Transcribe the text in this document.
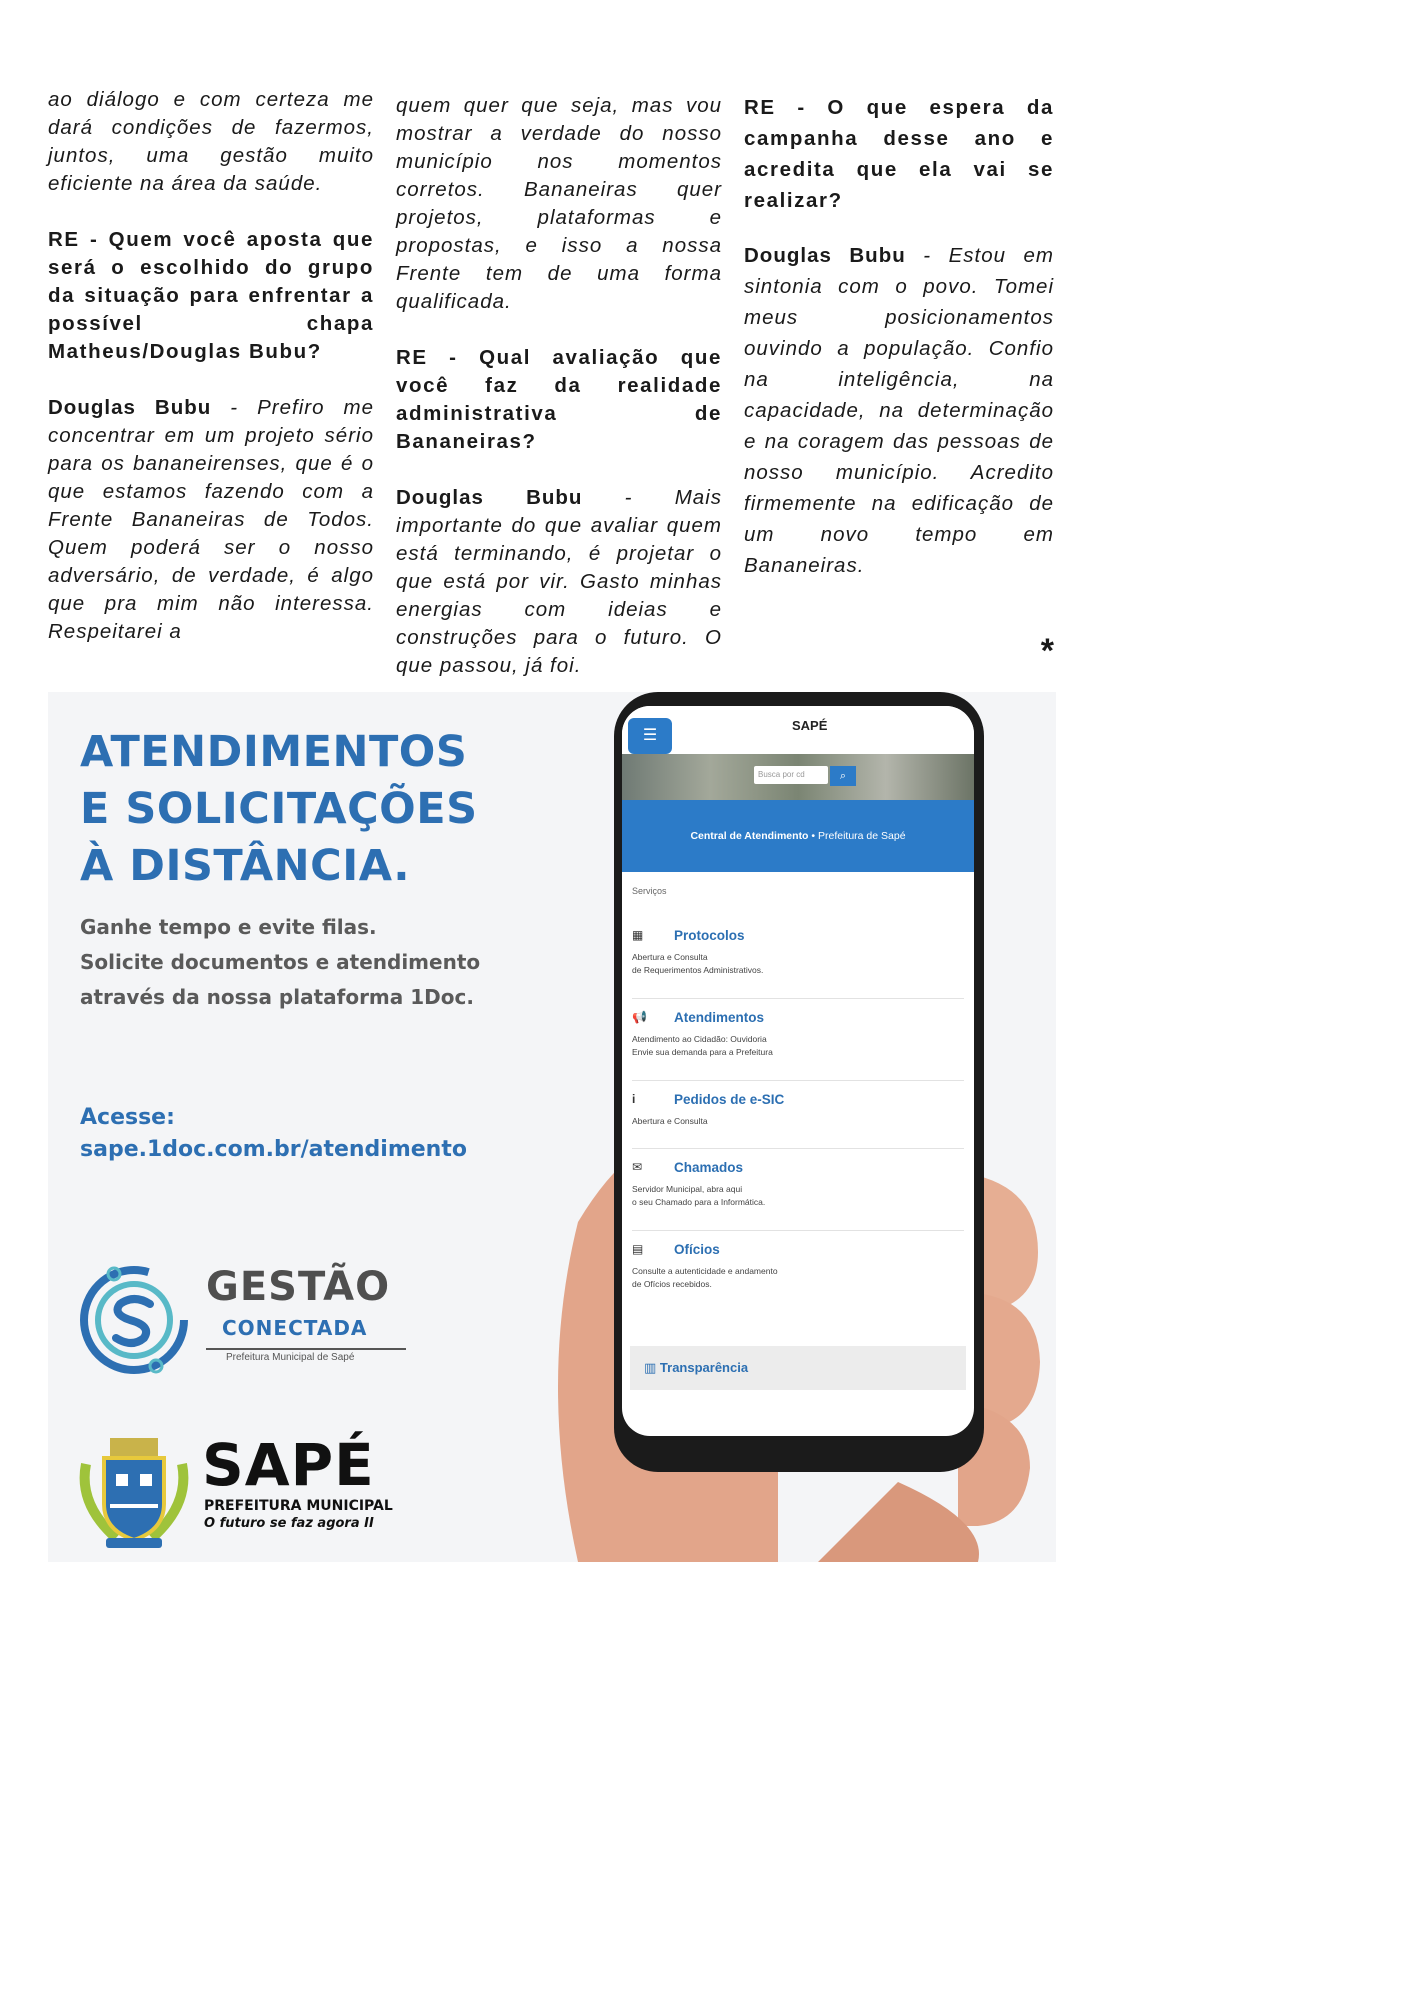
ao diálogo e com certeza me dará condições de fazermos, juntos, uma gestão muito eficiente na área da saúde.

RE - Quem você aposta que será o escolhido do grupo da situação para enfrentar a possível chapa Matheus/Douglas Bubu?

Douglas Bubu - Prefiro me concentrar em um projeto sério para os bananeirenses, que é o que estamos fazendo com a Frente Bananeiras de Todos. Quem poderá ser o nosso adversário, de verdade, é algo que pra mim não interessa. Respeitarei a

quem quer que seja, mas vou mostrar a verdade do nosso município nos momentos corretos. Bananeiras quer projetos, plataformas e propostas, e isso a nossa Frente tem de uma forma qualificada.

RE - Qual avaliação que você faz da realidade administrativa de Bananeiras?

Douglas Bubu - Mais importante do que avaliar quem está terminando, é projetar o que está por vir. Gasto minhas energias com ideias e construções para o futuro. O que passou, já foi.

RE - O que espera da campanha desse ano e acredita que ela vai se realizar?

Douglas Bubu - Estou em sintonia com o povo. Tomei meus posicionamentos ouvindo a população. Confio na inteligência, na capacidade, na determinação e na coragem das pessoas de nosso município. Acredito firmemente na edificação de um novo tempo em Bananeiras.

*
ATENDIMENTOS
E SOLICITAÇÕES
À DISTÂNCIA.
Ganhe tempo e evite filas.
Solicite documentos e atendimento
através da nossa plataforma 1Doc.
Acesse:
sape.1doc.com.br/atendimento
GESTÃO
CONECTADA
Prefeitura Municipal de Sapé
SAPÉ
PREFEITURA MUNICIPAL
O futuro se faz agora II
☰
SAPÉ
Busca por cd	⌕
Central de Atendimento • Prefeitura de Sapé
Serviços
▦ Protocolos
Abertura e Consulta
de Requerimentos Administrativos.
📢 Atendimentos
Atendimento ao Cidadão: Ouvidoria
Envie sua demanda para a Prefeitura
i	Pedidos de e-SIC
Abertura e Consulta
✉ Chamados
Servidor Municipal, abra aqui
o seu Chamado para a Informática.
▤ Ofícios
Consulte a autenticidade e andamento
de Ofícios recebidos.
▥ Transparência
